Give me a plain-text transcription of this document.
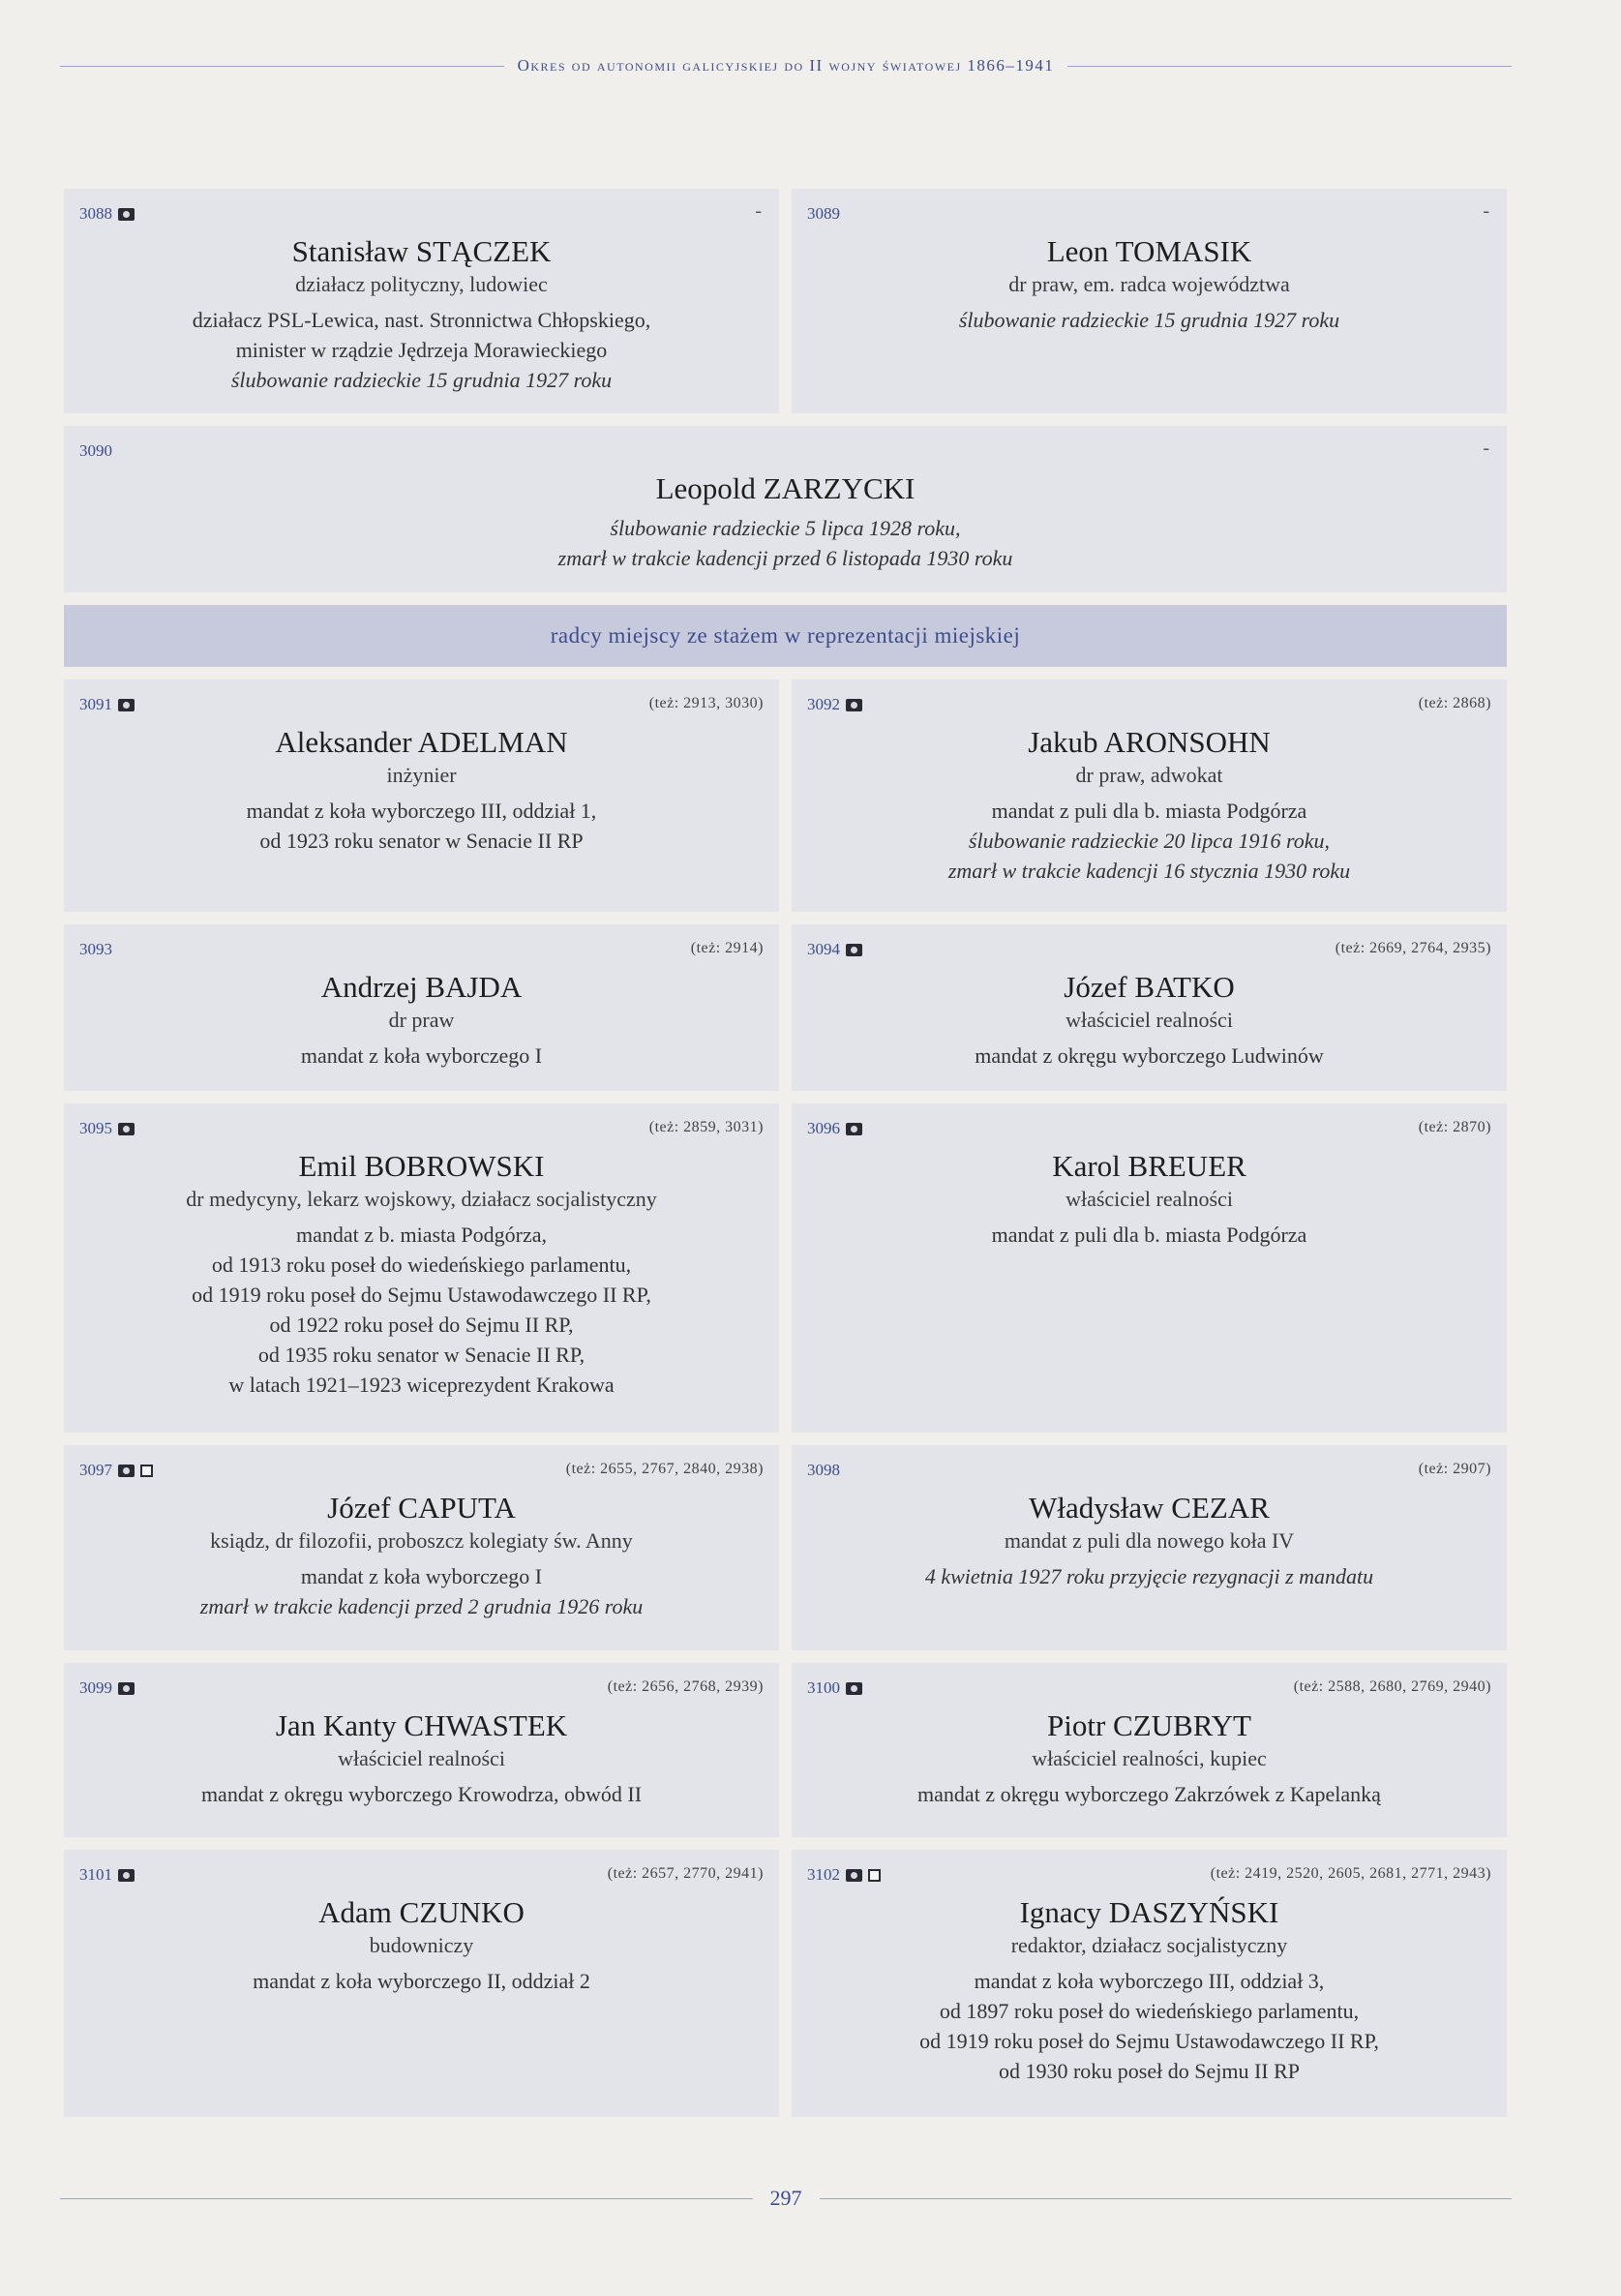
Okres od autonomii galicyjskiej do II wojny światowej 1866–1941
3088	-
Stanisław STĄCZEK
działacz polityczny, ludowiec
działacz PSL-Lewica, nast. Stronnictwa Chłopskiego,
minister w rządzie Jędrzeja Morawieckiego
ślubowanie radzieckie 15 grudnia 1927 roku
3089	-
Leon TOMASIK
dr praw, em. radca województwa
ślubowanie radzieckie 15 grudnia 1927 roku
3090	-
Leopold ZARZYCKI
ślubowanie radzieckie 5 lipca 1928 roku,
zmarł w trakcie kadencji przed 6 listopada 1930 roku
radcy miejscy ze stażem w reprezentacji miejskiej
3091	(też: 2913, 3030)
Aleksander ADELMAN
inżynier
mandat z koła wyborczego III, oddział 1,
od 1923 roku senator w Senacie II RP
3092	(też: 2868)
Jakub ARONSOHN
dr praw, adwokat
mandat z puli dla b. miasta Podgórza
ślubowanie radzieckie 20 lipca 1916 roku,
zmarł w trakcie kadencji 16 stycznia 1930 roku
3093	(też: 2914)
Andrzej BAJDA
dr praw
mandat z koła wyborczego I
3094	(też: 2669, 2764, 2935)
Józef BATKO
właściciel realności
mandat z okręgu wyborczego Ludwinów
3095	(też: 2859, 3031)
Emil BOBROWSKI
dr medycyny, lekarz wojskowy, działacz socjalistyczny
mandat z b. miasta Podgórza,
od 1913 roku poseł do wiedeńskiego parlamentu,
od 1919 roku poseł do Sejmu Ustawodawczego II RP,
od 1922 roku poseł do Sejmu II RP,
od 1935 roku senator w Senacie II RP,
w latach 1921–1923 wiceprezydent Krakowa
3096	(też: 2870)
Karol BREUER
właściciel realności
mandat z puli dla b. miasta Podgórza
3097	(też: 2655, 2767, 2840, 2938)
Józef CAPUTA
ksiądz, dr filozofii, proboszcz kolegiaty św. Anny
mandat z koła wyborczego I
zmarł w trakcie kadencji przed 2 grudnia 1926 roku
3098	(też: 2907)
Władysław CEZAR
mandat z puli dla nowego koła IV
4 kwietnia 1927 roku przyjęcie rezygnacji z mandatu
3099	(też: 2656, 2768, 2939)
Jan Kanty CHWASTEK
właściciel realności
mandat z okręgu wyborczego Krowodrza, obwód II
3100	(też: 2588, 2680, 2769, 2940)
Piotr CZUBRYT
właściciel realności, kupiec
mandat z okręgu wyborczego Zakrzówek z Kapelanką
3101	(też: 2657, 2770, 2941)
Adam CZUNKO
budowniczy
mandat z koła wyborczego II, oddział 2
3102	(też: 2419, 2520, 2605, 2681, 2771, 2943)
Ignacy DASZYŃSKI
redaktor, działacz socjalistyczny
mandat z koła wyborczego III, oddział 3,
od 1897 roku poseł do wiedeńskiego parlamentu,
od 1919 roku poseł do Sejmu Ustawodawczego II RP,
od 1930 roku poseł do Sejmu II RP
297
